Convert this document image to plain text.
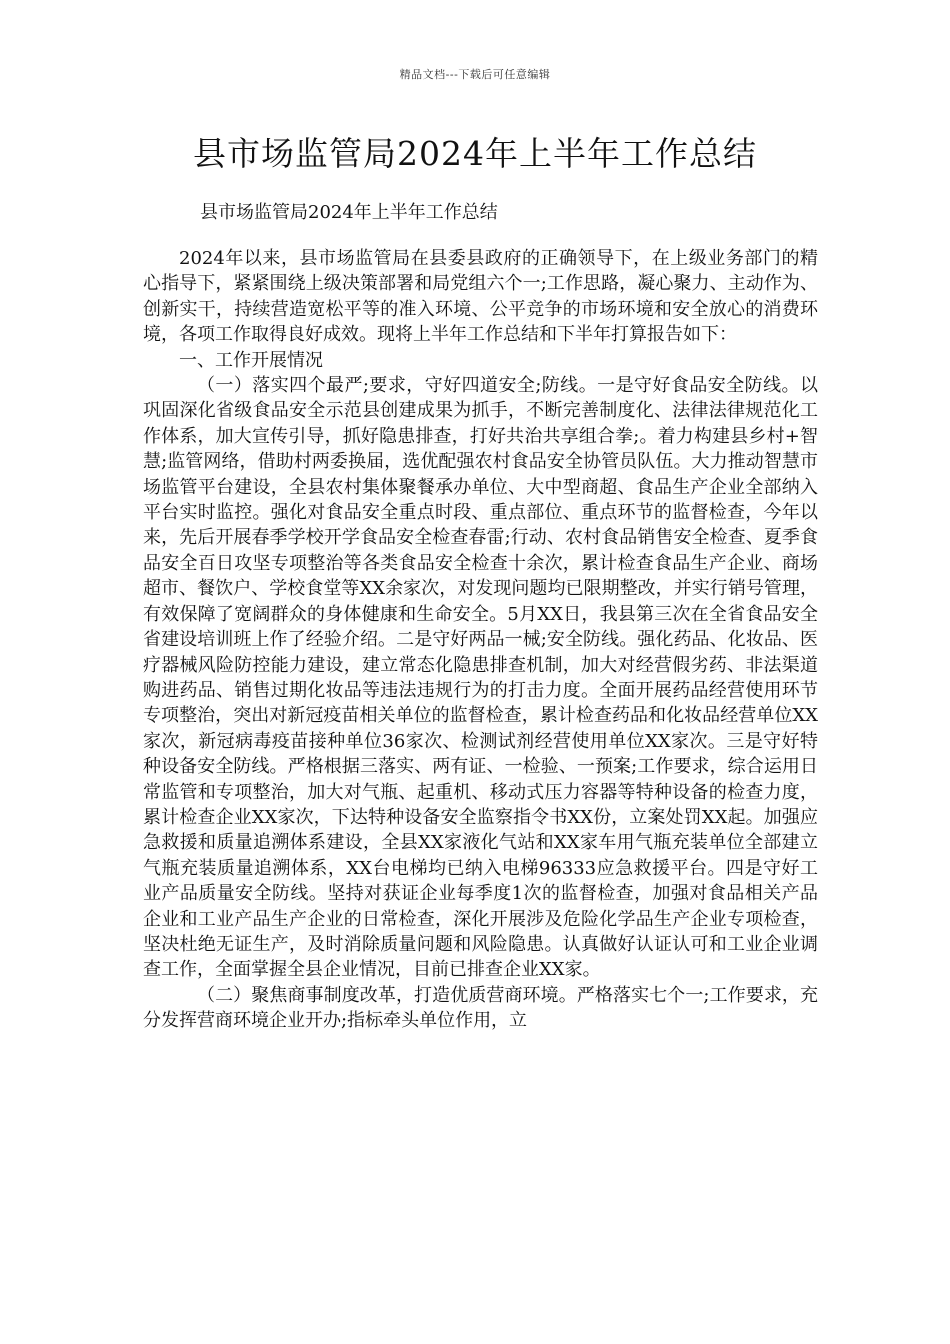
精品文档---下载后可任意编辑
县市场监管局2024年上半年工作总结

县市场监管局2024年上半年工作总结

2024年以来，县市场监管局在县委县政府的正确领导下，在上级业务部门的精心指导下，紧紧围绕上级决策部署和局党组六个一;工作思路，凝心聚力、主动作为、创新实干，持续营造宽松平等的准入环境、公平竞争的市场环境和安全放心的消费环境，各项工作取得良好成效。现将上半年工作总结和下半年打算报告如下：

一、工作开展情况

（一）落实四个最严;要求，守好四道安全;防线。一是守好食品安全防线。以巩固深化省级食品安全示范县创建成果为抓手，不断完善制度化、法律法律规范化工作体系，加大宣传引导，抓好隐患排查，打好共治共享组合拳;。着力构建县乡村+智慧;监管网络，借助村两委换届，选优配强农村食品安全协管员队伍。大力推动智慧市场监管平台建设，全县农村集体聚餐承办单位、大中型商超、食品生产企业全部纳入平台实时监控。强化对食品安全重点时段、重点部位、重点环节的监督检查，今年以来，先后开展春季学校开学食品安全检查春雷;行动、农村食品销售安全检查、夏季食品安全百日攻坚专项整治等各类食品安全检查十余次，累计检查食品生产企业、商场超市、餐饮户、学校食堂等XX余家次，对发现问题均已限期整改，并实行销号管理，有效保障了宽阔群众的身体健康和生命安全。5月XX日，我县第三次在全省食品安全省建设培训班上作了经验介绍。二是守好两品一械;安全防线。强化药品、化妆品、医疗器械风险防控能力建设，建立常态化隐患排查机制，加大对经营假劣药、非法渠道购进药品、销售过期化妆品等违法违规行为的打击力度。全面开展药品经营使用环节专项整治，突出对新冠疫苗相关单位的监督检查，累计检查药品和化妆品经营单位XX家次，新冠病毒疫苗接种单位36家次、检测试剂经营使用单位XX家次。三是守好特种设备安全防线。严格根据三落实、两有证、一检验、一预案;工作要求，综合运用日常监管和专项整治，加大对气瓶、起重机、移动式压力容器等特种设备的检查力度，累计检查企业XX家次，下达特种设备安全监察指令书XX份，立案处罚XX起。加强应急救援和质量追溯体系建设，全县XX家液化气站和XX家车用气瓶充装单位全部建立气瓶充装质量追溯体系，XX台电梯均已纳入电梯96333应急救援平台。四是守好工业产品质量安全防线。坚持对获证企业每季度1次的监督检查，加强对食品相关产品企业和工业产品生产企业的日常检查，深化开展涉及危险化学品生产企业专项检查，坚决杜绝无证生产，及时消除质量问题和风险隐患。认真做好认证认可和工业企业调查工作，全面掌握全县企业情况，目前已排查企业XX家。

（二）聚焦商事制度改革，打造优质营商环境。严格落实七个一;工作要求，充分发挥营商环境企业开办;指标牵头单位作用，立
